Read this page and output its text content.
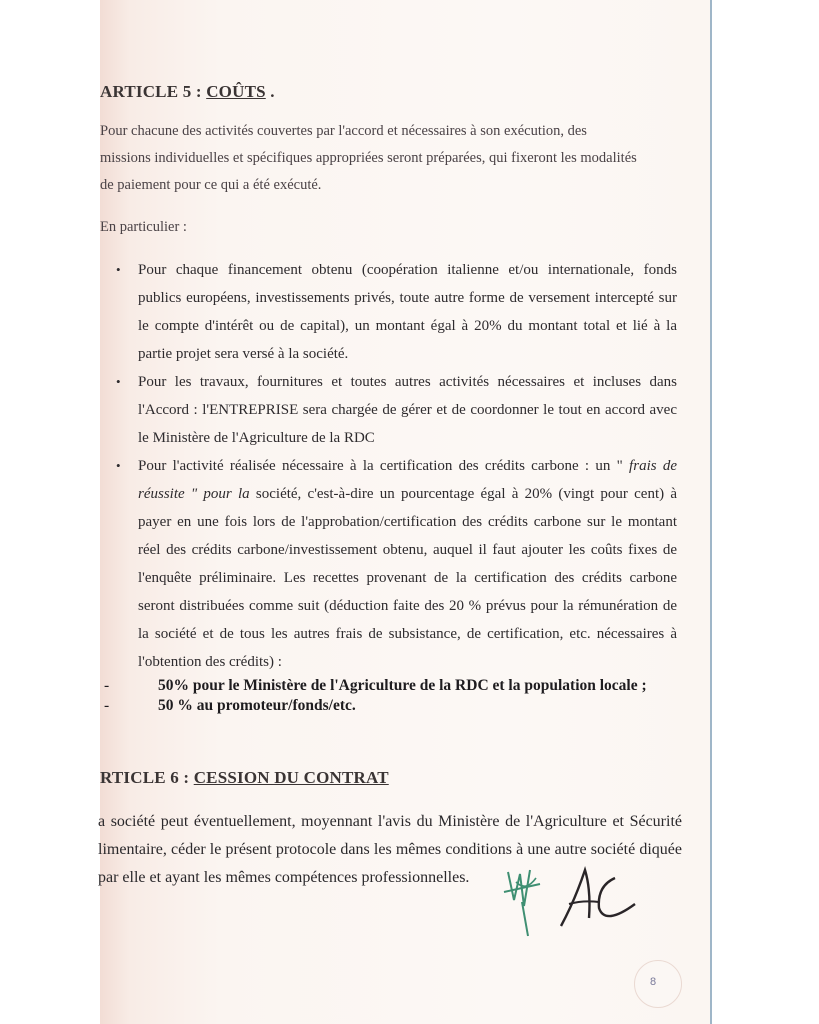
ARTICLE 5 : COÛTS .
Pour chacune des activités couvertes par l'accord et nécessaires à son exécution, des
missions individuelles et spécifiques appropriées seront préparées, qui fixeront les modalités
de paiement pour ce qui a été exécuté.
En particulier :
•	Pour chaque financement obtenu (coopération italienne et/ou internationale, fonds publics européens, investissements privés, toute autre forme de versement intercepté sur le compte d'intérêt ou de capital), un montant égal à 20% du montant total et lié à la partie projet sera versé à la société.
•	Pour les travaux, fournitures et toutes autres activités nécessaires et incluses dans l'Accord : l'ENTREPRISE sera chargée de gérer et de coordonner le tout en accord avec le Ministère de l'Agriculture de la RDC
•	Pour l'activité réalisée nécessaire à la certification des crédits carbone : un " frais de réussite " pour la société, c'est-à-dire un pourcentage égal à 20% (vingt pour cent) à payer en une fois lors de l'approbation/certification des crédits carbone sur le montant réel des crédits carbone/investissement obtenu, auquel il faut ajouter les coûts fixes de l'enquête préliminaire. Les recettes provenant de la certification des crédits carbone seront distribuées comme suit (déduction faite des 20 % prévus pour la rémunération de la société et de tous les autres frais de subsistance, de certification, etc. nécessaires à l'obtention des crédits) :
-	50% pour le Ministère de l'Agriculture de la RDC et la population locale ;
-	50 % au promoteur/fonds/etc.
RTICLE 6 : CESSION DU CONTRAT
a société peut éventuellement, moyennant l'avis du Ministère de l'Agriculture et Sécurité limentaire, céder le présent protocole dans les mêmes conditions à une autre société diquée par elle et ayant les mêmes compétences professionnelles.
8
